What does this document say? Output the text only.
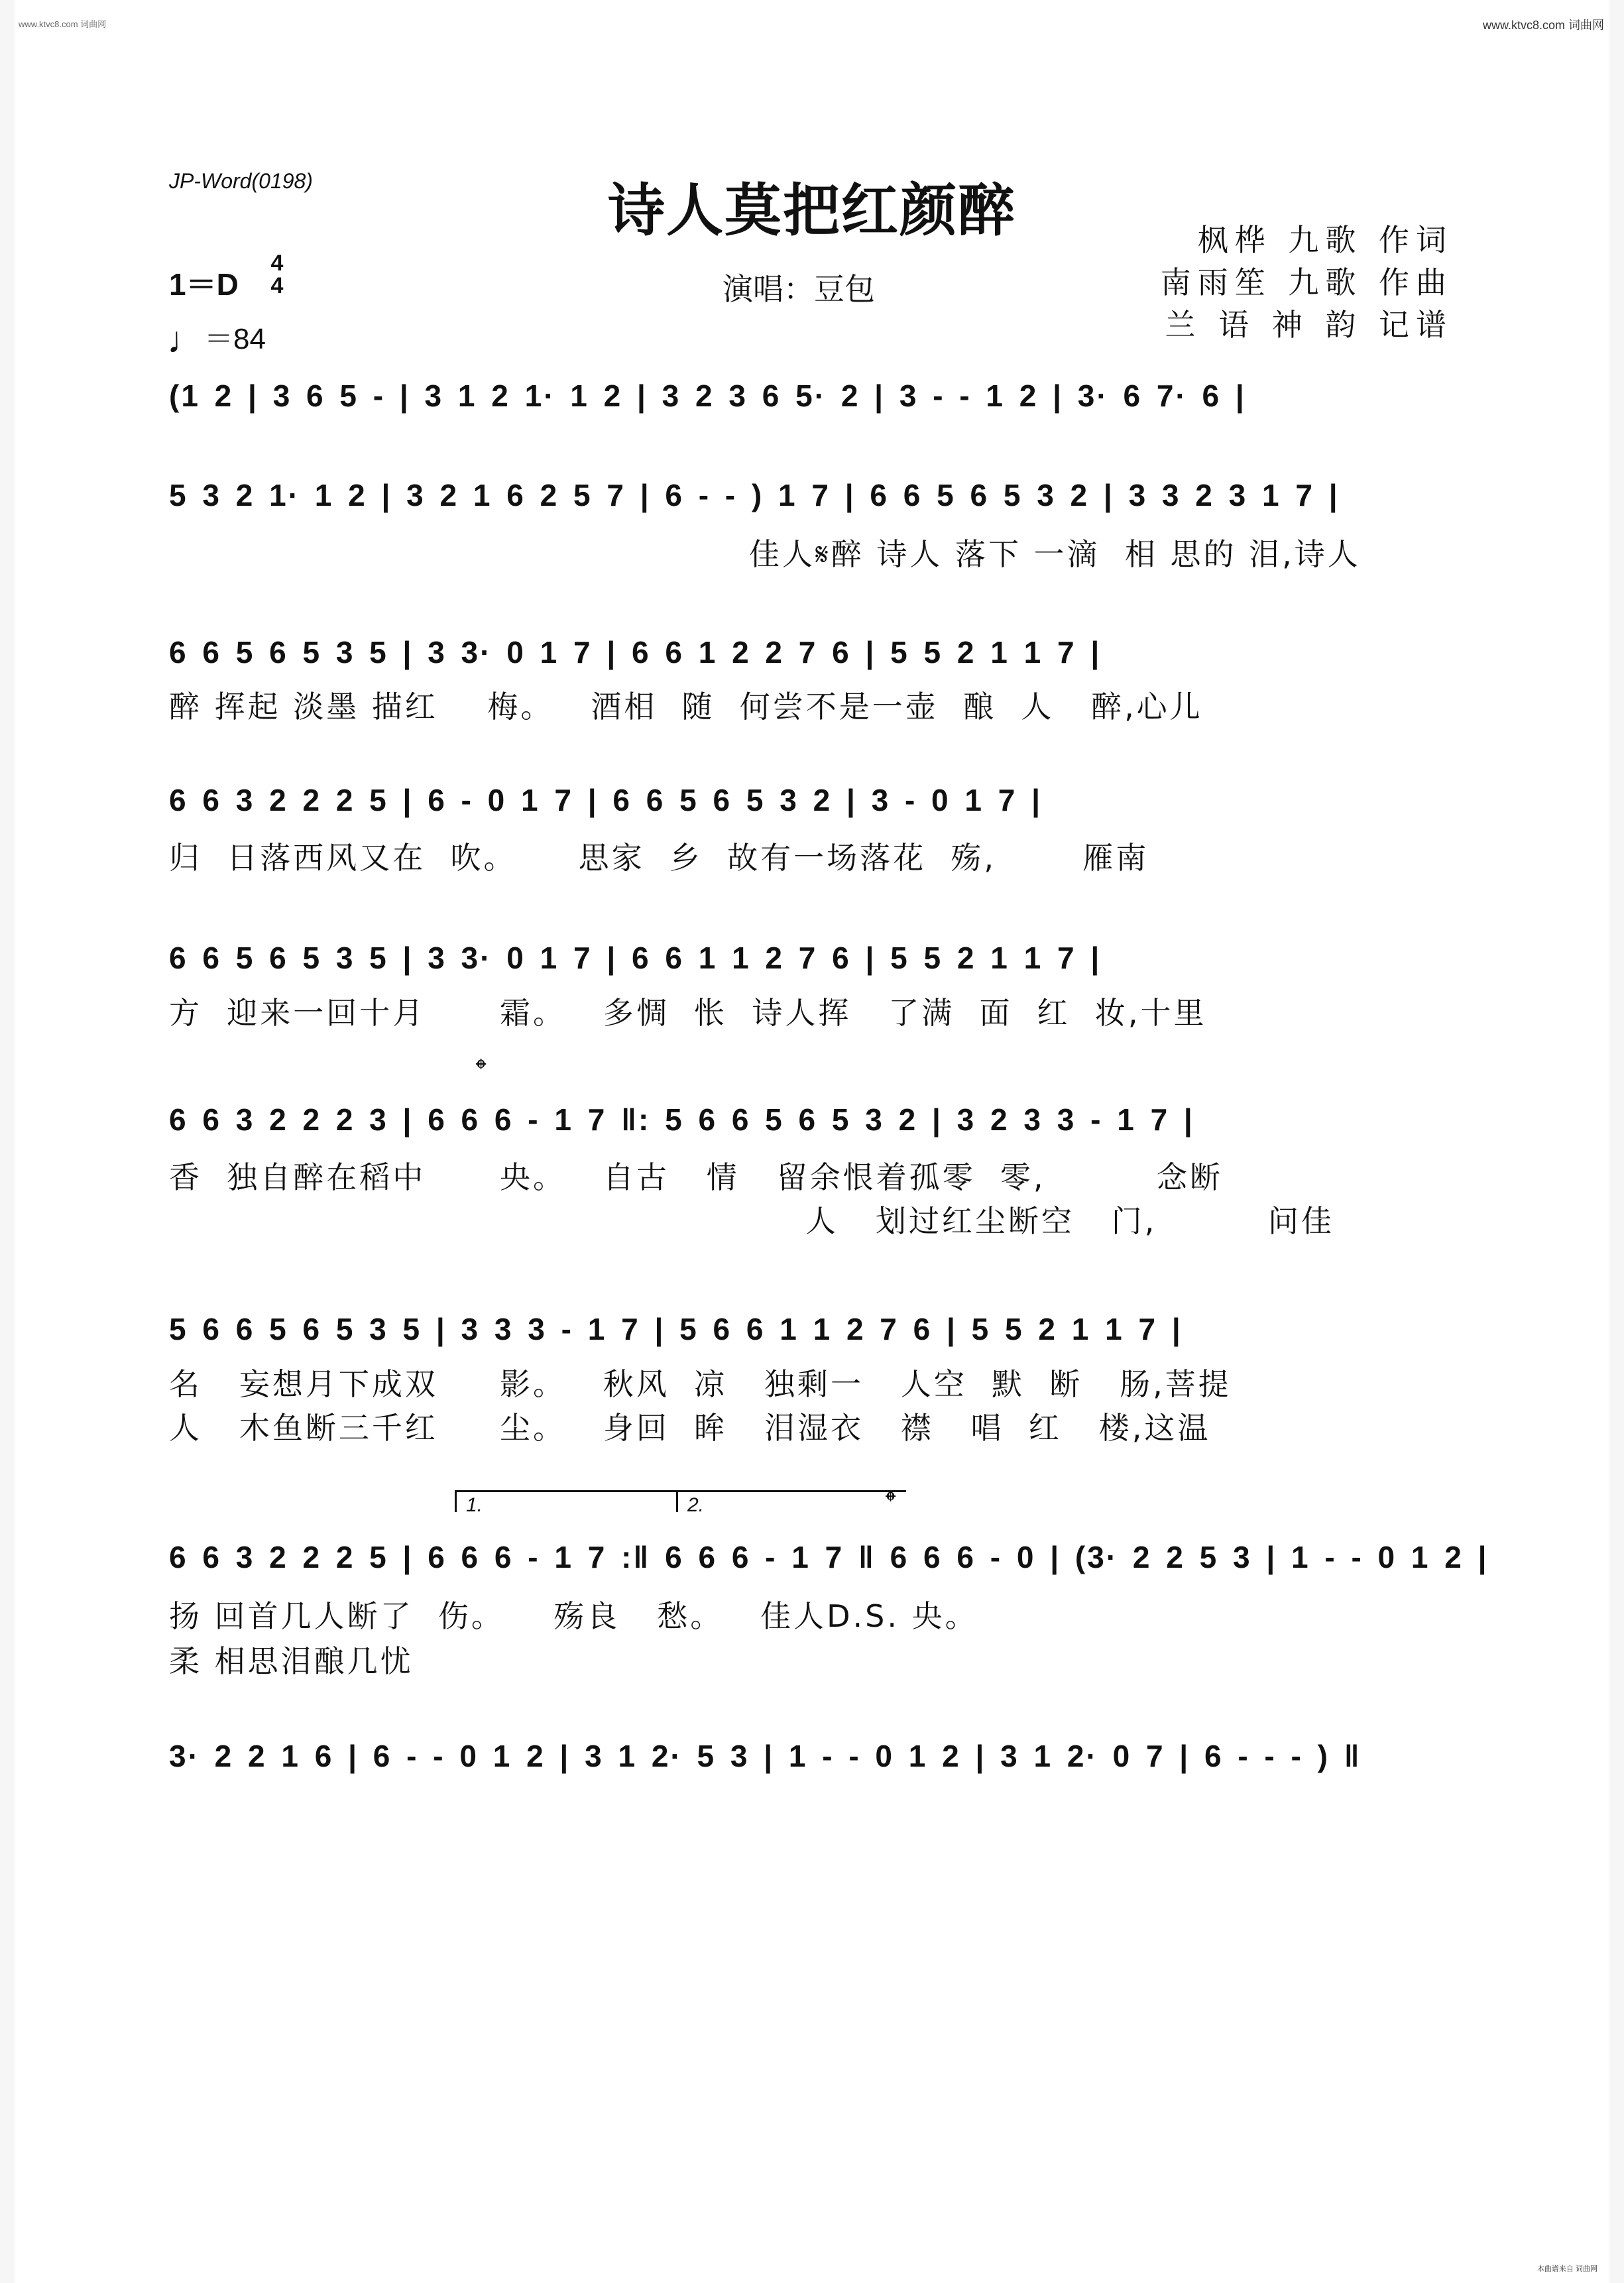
www.ktvc8.com 词曲网	www.ktvc8.com 词曲网
本曲谱来自 词曲网
JP-Word(0198)	诗人莫把红颜醉
演唱：豆包
枫桦 九歌 作词
南雨笙 九歌 作曲
兰 语 神 韵 记谱
1＝D
4
4
♩＝84
(1 2 | 3 6 5 - | 3 1 2 1· 1 2 | 3 2 3 6 5· 2 | 3 - - 1 2 | 3· 6 7· 6 |
5 3 2 1· 1 2 | 3 2 1 6 2 5 7 | 6 - - ) 1 7 | 6 6 5 6 5 3 2 | 3 3 2 3 1 7 |
佳人𝄋醉 诗人 落下 一滴  相 思的 泪,诗人
6 6 5 6 5 3 5 | 3 3· 0 1 7 | 6 6 1 2 2 7 6 | 5 5 2 1 1 7 |
醉 挥起 淡墨 描红    梅。   酒相  随  何尝不是一壶  酿  人   醉,心儿
6 6 3 2 2 2 5 | 6 - 0 1 7 | 6 6 5 6 5 3 2 | 3 - 0 1 7 |
归  日落西风又在  吹。     思家  乡  故有一场落花  殇,       雁南
6 6 5 6 5 3 5 | 3 3· 0 1 7 | 6 6 1 1 2 7 6 | 5 5 2 1 1 7 |
方  迎来一回十月      霜。   多惆  怅  诗人挥   了满  面  红  妆,十里
𝄌
6 6 3 2 2 2 3 | 6 6 6 - 1 7 ‖: 5 6 6 5 6 5 3 2 | 3 2 3 3 - 1 7 |
香  独自醉在稻中      央。   自古   情   留余恨着孤零  零,         念断
人   划过红尘断空   门,         问佳
5 6 6 5 6 5 3 5 | 3 3 3 - 1 7 | 5 6 6 1 1 2 7 6 | 5 5 2 1 1 7 |
名   妄想月下成双     影。   秋风  凉   独剩一   人空  默  断   肠,菩提
人   木鱼断三千红     尘。   身回  眸   泪湿衣   襟   唱  红   楼,这温
1.	2.	𝄌
6 6 3 2 2 2 5 | 6 6 6 - 1 7 :‖ 6 6 6 - 1 7 ‖ 6 6 6 - 0 | (3· 2 2 5 3 | 1 - - 0 1 2 |
扬 回首几人断了  伤。    殇良   愁。   佳人D.S. 央。
柔 相思泪酿几忧
3· 2 2 1 6 | 6 - - 0 1 2 | 3 1 2· 5 3 | 1 - - 0 1 2 | 3 1 2· 0 7 | 6 - - - ) ‖
